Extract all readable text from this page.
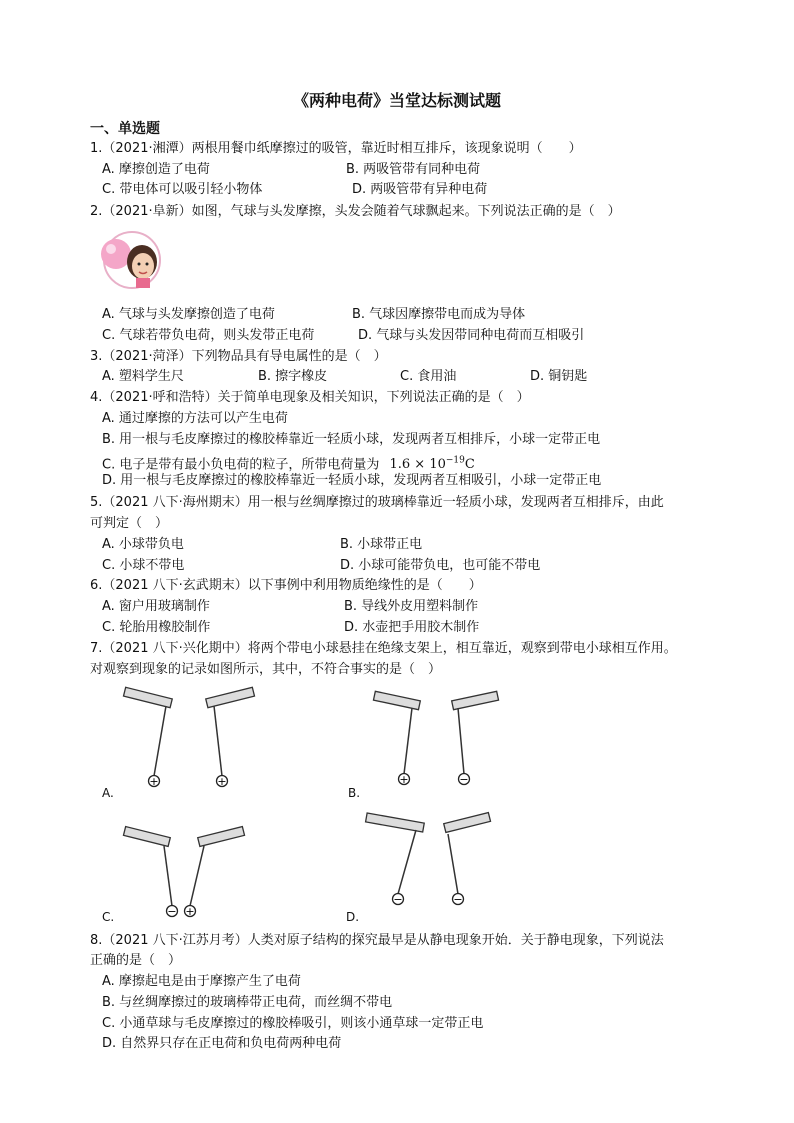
《两种电荷》当堂达标测试题
一、单选题
1.（2021·湘潭）两根用餐巾纸摩擦过的吸管，靠近时相互排斥，该现象说明（　　）
A. 摩擦创造了电荷	B. 两吸管带有同种电荷
C. 带电体可以吸引轻小物体	D. 两吸管带有异种电荷
2.（2021·阜新）如图，气球与头发摩擦，头发会随着气球飘起来。下列说法正确的是（　）
A. 气球与头发摩擦创造了电荷	B. 气球因摩擦带电而成为导体
C. 气球若带负电荷，则头发带正电荷	D. 气球与头发因带同种电荷而互相吸引
3.（2021·菏泽）下列物品具有导电属性的是（　）
A. 塑料学生尺	B. 擦字橡皮	C. 食用油	D. 铜钥匙
4.（2021·呼和浩特）关于简单电现象及相关知识，下列说法正确的是（　）
A. 通过摩擦的方法可以产生电荷
B. 用一根与毛皮摩擦过的橡胶棒靠近一轻质小球，发现两者互相排斥，小球一定带正电
C. 电子是带有最小负电荷的粒子，所带电荷量为 $1.6 \times 10^{-19}C$
D. 用一根与毛皮摩擦过的橡胶棒靠近一轻质小球，发现两者互相吸引，小球一定带正电
5.（2021 八下·海州期末）用一根与丝绸摩擦过的玻璃棒靠近一轻质小球，发现两者互相排斥，由此
可判定（　）
A. 小球带负电	B. 小球带正电
C. 小球不带电	D. 小球可能带负电，也可能不带电
6.（2021 八下·玄武期末）以下事例中利用物质绝缘性的是（　　）
A. 窗户用玻璃制作	B. 导线外皮用塑料制作
C. 轮胎用橡胶制作	D. 水壶把手用胶木制作
7.（2021 八下·兴化期中）将两个带电小球悬挂在绝缘支架上，相互靠近，观察到带电小球相互作用。
对观察到现象的记录如图所示，其中，不符合事实的是（　）
+	+
A.
+	−
B.
− +
C.
−	−
D.
8.（2021 八下·江苏月考）人类对原子结构的探究最早是从静电现象开始．关于静电现象，下列说法
正确的是（　）
A. 摩擦起电是由于摩擦产生了电荷
B. 与丝绸摩擦过的玻璃棒带正电荷，而丝绸不带电
C. 小通草球与毛皮摩擦过的橡胶棒吸引，则该小通草球一定带正电
D. 自然界只存在正电荷和负电荷两种电荷
